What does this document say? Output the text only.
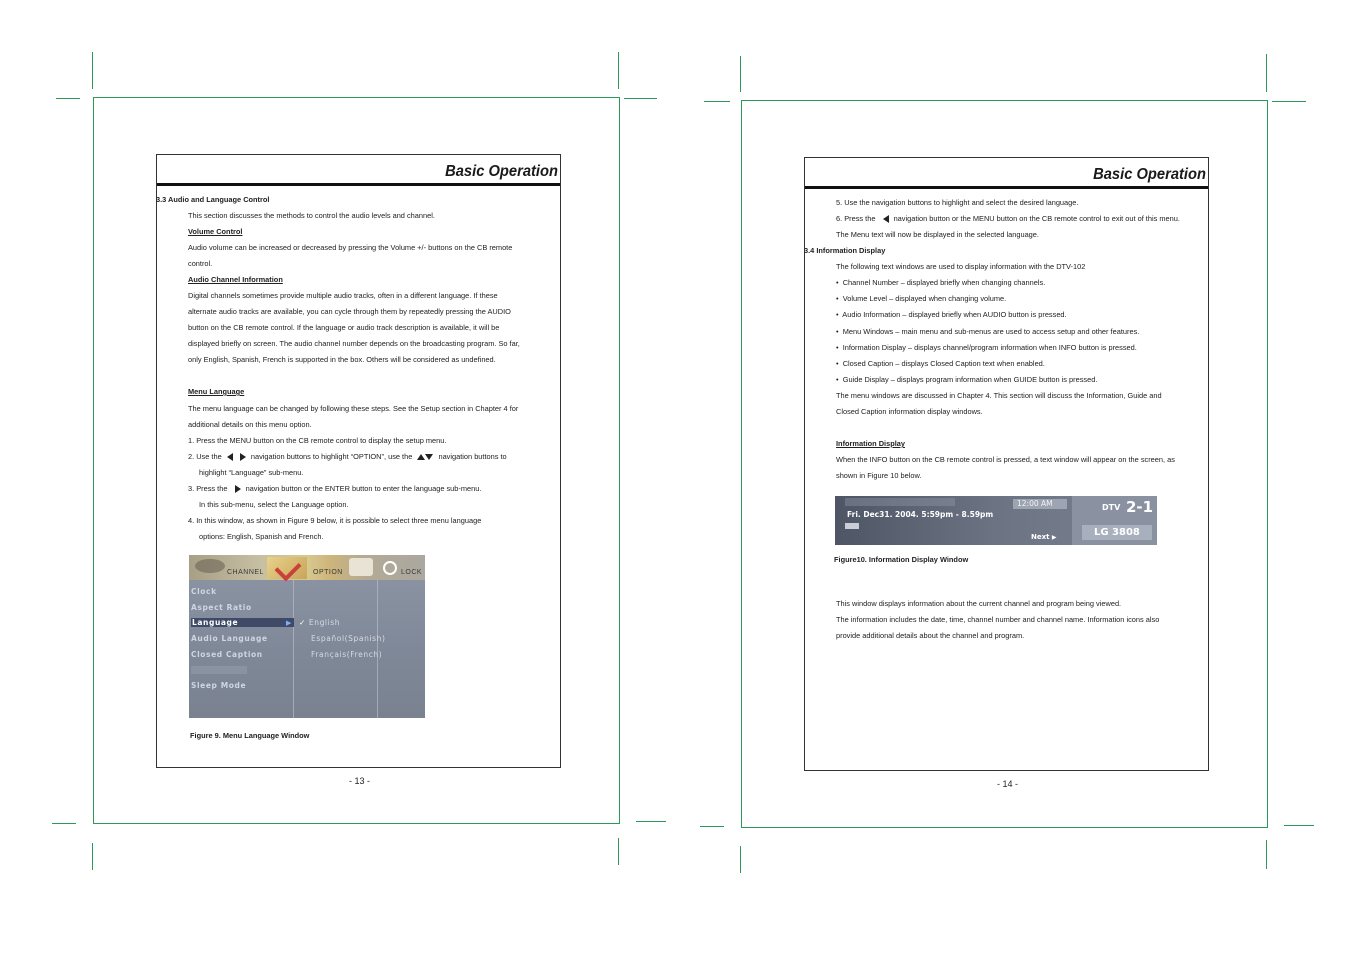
Basic Operation
3.3 Audio and Language Control
This section discusses the methods to control the audio levels and channel.
Volume Control
Audio volume can be increased or decreased by pressing the Volume +/- buttons on the CB remote
control.
Audio Channel Information
Digital channels sometimes provide multiple audio tracks, often in a different language. If these
alternate audio tracks are available, you can cycle through them by repeatedly pressing the AUDIO
button on the CB remote control. If the language or audio track description is available, it will be
displayed briefly on screen. The audio channel number depends on the broadcasting program. So far,
only English, Spanish, French is supported in the box. Others will be considered as undefined.
Menu Language
The menu language can be changed by following these steps. See the Setup section in Chapter 4 for
additional details on this menu option.
1. Press the MENU button on the CB remote control to display the setup menu.
2. Use the	navigation buttons to highlight “OPTION”, use the	navigation buttons to
highlight “Language” sub-menu.
3. Press the navigation button or the ENTER button to enter the language sub-menu.
In this sub-menu, select the Language option.
4. In this window, as shown in Figure 9 below, it is possible to select three menu language
options: English, Spanish and French.
CHANNEL	OPTION	LOCK
Clock
Aspect Ratio
Language	▶
Audio Language
Closed Caption
Sleep Mode
✓ English
Español(Spanish)
Français(French)
Figure 9. Menu Language Window
- 13 -
Basic Operation
5. Use the navigation buttons to highlight and select the desired language.
6. Press the navigation button or the MENU button on the CB remote control to exit out of this menu.
The Menu text will now be displayed in the selected language.
3.4 Information Display
The following text windows are used to display information with the DTV-102
•  Channel Number – displayed briefly when changing channels.
•  Volume Level – displayed when changing volume.
•  Audio Information – displayed briefly when AUDIO button is pressed.
•  Menu Windows – main menu and sub-menus are used to access setup and other features.
•  Information Display – displays channel/program information when INFO button is pressed.
•  Closed Caption – displays Closed Caption text when enabled.
•  Guide Display – displays program information when GUIDE button is pressed.
The menu windows are discussed in Chapter 4. This section will discuss the Information, Guide and
Closed Caption information display windows.
Information Display
When the INFO button on the CB remote control is pressed, a text window will appear on the screen, as
shown in Figure 10 below.
12:00 AM
Fri. Dec31. 2004. 5:59pm - 8.59pm
Next ▶
DTV 2-1
LG 3808
Figure10. Information Display Window
This window displays information about the current channel and program being viewed.
The information includes the date, time, channel number and channel name. Information icons also
provide additional details about the channel and program.
- 14 -
